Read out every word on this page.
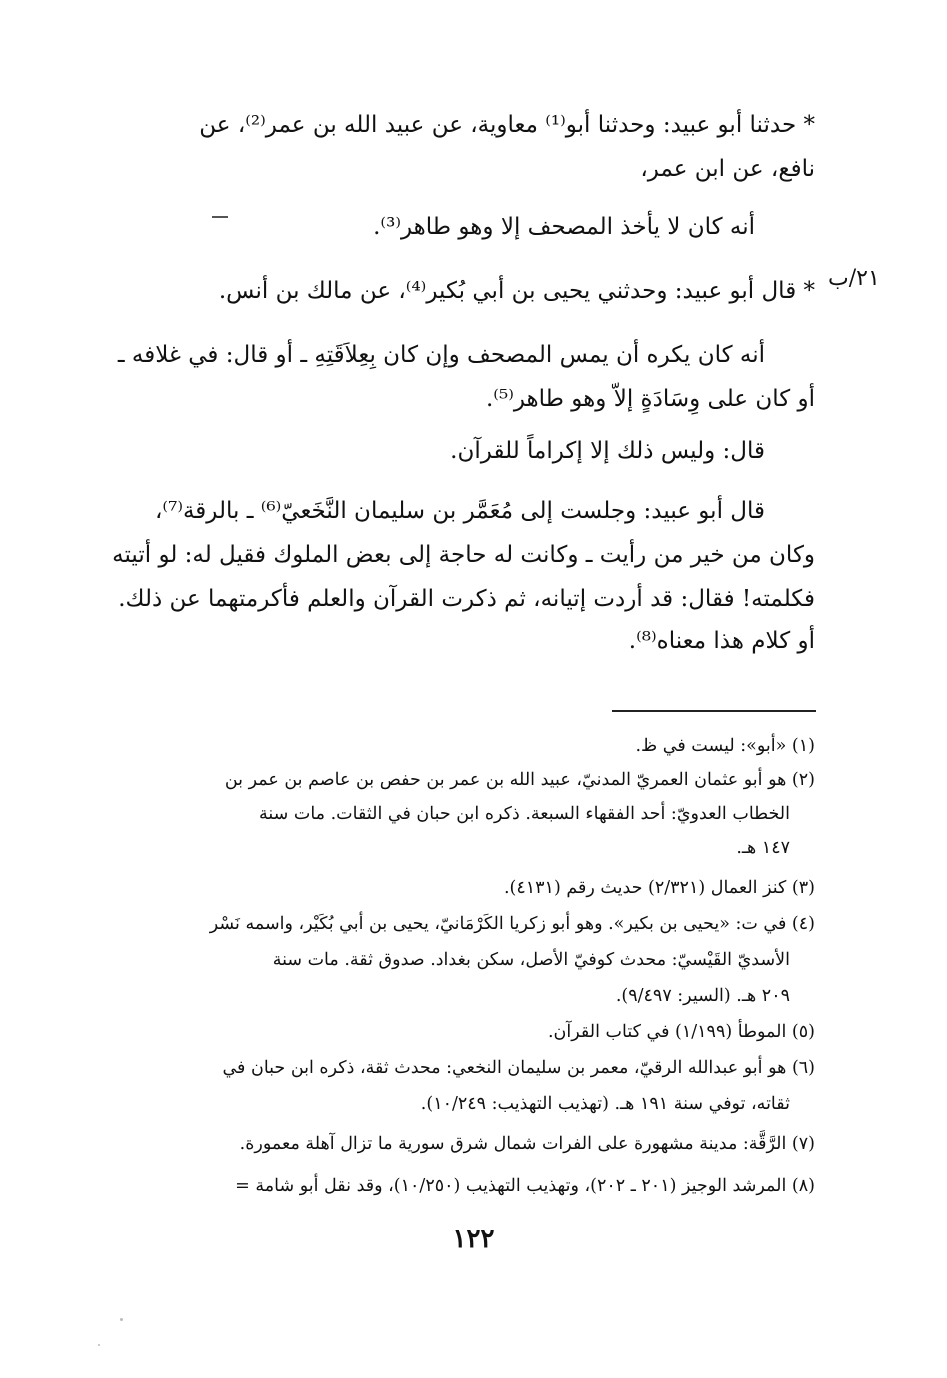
* حدثنا أبو عبيد: وحدثنا أبو⁽¹⁾ معاوية، عن عبيد الله بن عمر⁽²⁾، عن
نافع، عن ابن عمر،
أنه كان لا يأخذ المصحف إلا وهو طاهر⁽³⁾.
٢١/ب
* قال أبو عبيد: وحدثني يحيى بن أبي بُكير⁽⁴⁾، عن مالك بن أنس.
أنه كان يكره أن يمس المصحف وإن كان بِعِلاَقَتِهِ ـ أو قال: في غلافه ـ
أو كان على وِسَادَةٍ إلاّ وهو طاهر⁽⁵⁾.
قال: وليس ذلك إلا إكراماً للقرآن.
قال أبو عبيد: وجلست إلى مُعَمَّر بن سليمان النَّخَعيّ⁽⁶⁾ ـ بالرقة⁽⁷⁾،
وكان من خير من رأيت ـ وكانت له حاجة إلى بعض الملوك فقيل له: لو أتيته
فكلمته! فقال: قد أردت إتيانه، ثم ذكرت القرآن والعلم فأكرمتهما عن ذلك.
أو كلام هذا معناه⁽⁸⁾.
(١) «أبو»: ليست في ظ.
(٢) هو أبو عثمان العمريّ المدنيّ، عبيد الله بن عمر بن حفص بن عاصم بن عمر بن
الخطاب العدويّ: أحد الفقهاء السبعة. ذكره ابن حبان في الثقات. مات سنة
١٤٧ هـ.
(٣) كنز العمال (٢/٣٢١) حديث رقم (٤١٣١).
(٤) في ت: «يحيى بن بكير». وهو أبو زكريا الكَرْمَانيّ، يحيى بن أبي بُكَيْر، واسمه نَسْر
الأسديّ القَيْسيّ: محدث كوفيّ الأصل، سكن بغداد. صدوق ثقة. مات سنة
٢٠٩ هـ. (السير: ٩/٤٩٧).
(٥) الموطأ (١/١٩٩) في كتاب القرآن.
(٦) هو أبو عبدالله الرقيّ، معمر بن سليمان النخعي: محدث ثقة، ذكره ابن حبان في
ثقاته، توفي سنة ١٩١ هـ. (تهذيب التهذيب: ١٠/٢٤٩).
(٧) الرَّقَّة: مدينة مشهورة على الفرات شمال شرق سورية ما تزال آهلة معمورة.
(٨) المرشد الوجيز (٢٠١ ـ ٢٠٢)، وتهذيب التهذيب (١٠/٢٥٠)، وقد نقل أبو شامة =
١٢٢
